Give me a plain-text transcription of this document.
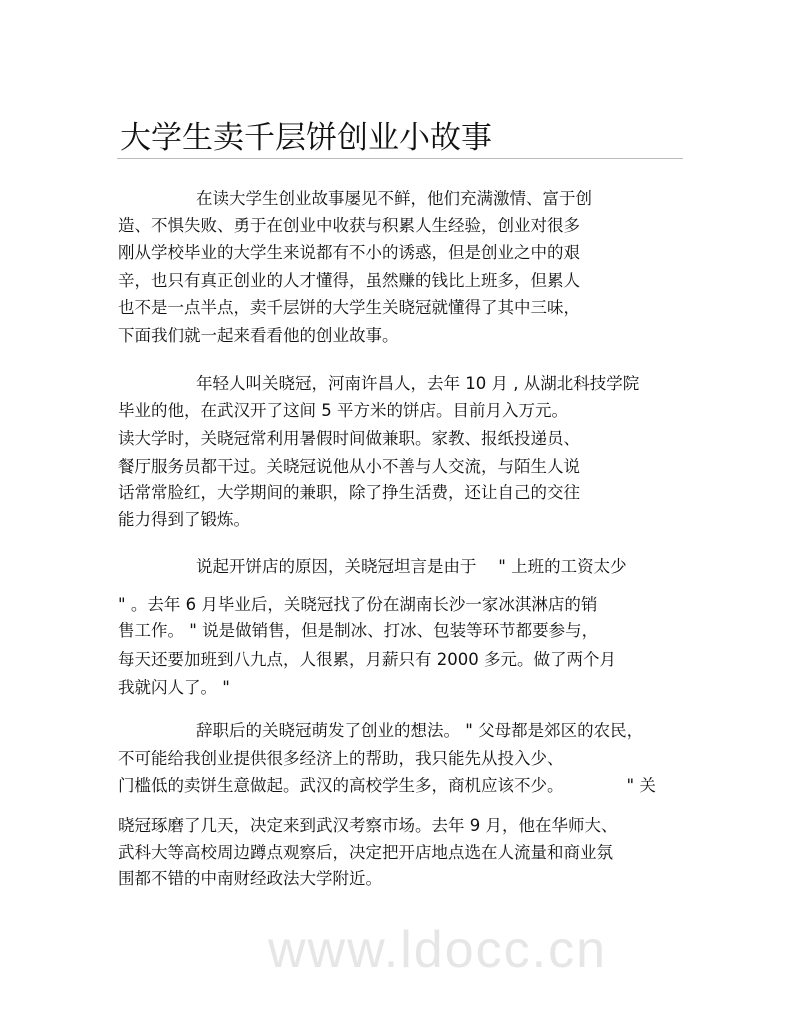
大学生卖千层饼创业小故事
在读大学生创业故事屡见不鲜，他们充满激情、富于创
造、不惧失败、勇于在创业中收获与积累人生经验，创业对很多
刚从学校毕业的大学生来说都有不小的诱惑，但是创业之中的艰
辛，也只有真正创业的人才懂得，虽然赚的钱比上班多，但累人
也不是一点半点，卖千层饼的大学生关晓冠就懂得了其中三味，
下面我们就一起来看看他的创业故事。
年轻人叫关晓冠，河南许昌人，去年 10 月 , 从湖北科技学院
毕业的他，在武汉开了这间 5 平方米的饼店。目前月入万元。
读大学时，关晓冠常利用暑假时间做兼职。家教、报纸投递员、
餐厅服务员都干过。关晓冠说他从小不善与人交流，与陌生人说
话常常脸红，大学期间的兼职，除了挣生活费，还让自己的交往
能力得到了锻炼。
说起开饼店的原因，关晓冠坦言是由于　 " 上班的工资太少
" 。去年 6 月毕业后，关晓冠找了份在湖南长沙一家冰淇淋店的销
售工作。 " 说是做销售，但是制冰、打冰、包装等环节都要参与，
每天还要加班到八九点，人很累，月薪只有 2000 多元。做了两个月
我就闪人了。 "
辞职后的关晓冠萌发了创业的想法。 " 父母都是郊区的农民，
不可能给我创业提供很多经济上的帮助，我只能先从投入少、
门槛低的卖饼生意做起。武汉的高校学生多，商机应该不少。　　　　 " 关
晓冠琢磨了几天，决定来到武汉考察市场。去年 9 月，他在华师大、
武科大等高校周边蹲点观察后，决定把开店地点选在人流量和商业氛
围都不错的中南财经政法大学附近。
www.ldocc.cn
